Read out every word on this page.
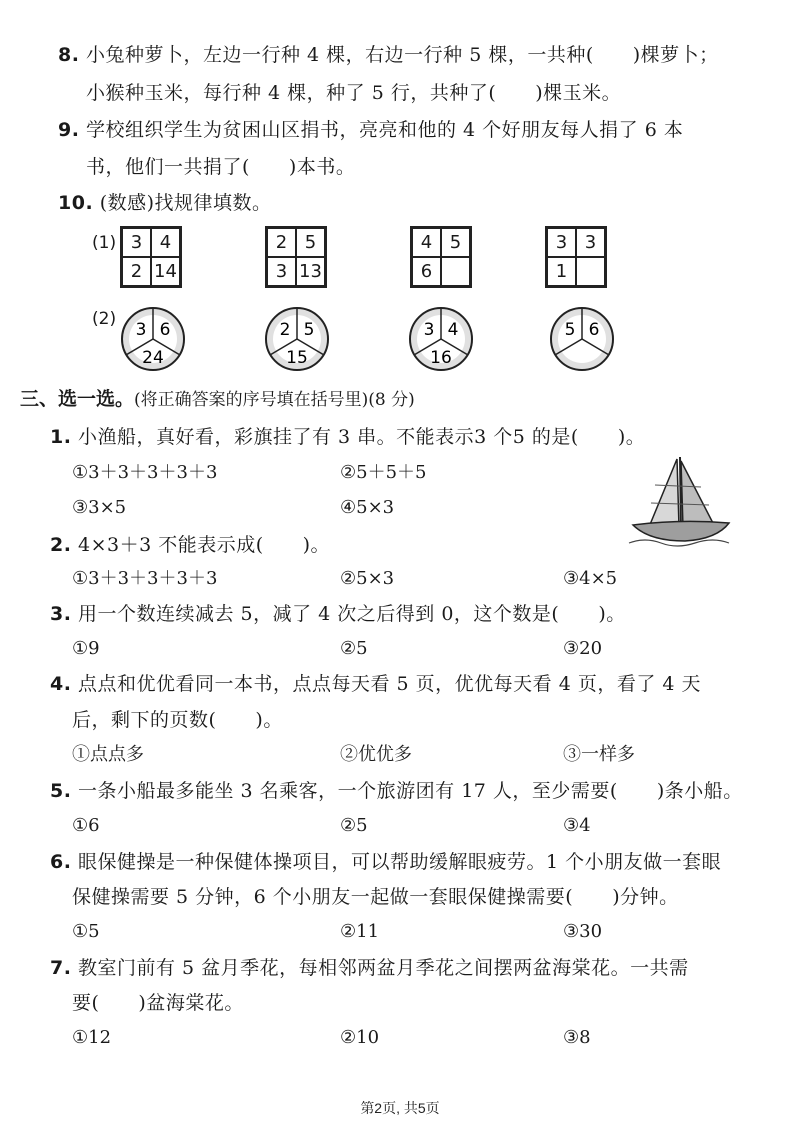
8. 小兔种萝卜，左边一行种 4 棵，右边一行种 5 棵，一共种(　　)棵萝卜；
小猴种玉米，每行种 4 棵，种了 5 行，共种了(　　)棵玉米。
9. 学校组织学生为贫困山区捐书，亮亮和他的 4 个好朋友每人捐了 6 本
书，他们一共捐了(　　)本书。
10. (数感)找规律填数。
(1) 3 4
2 14
2 5
3 13
4 5
6
3 3
1
(2)
3 6
24
2 5
15
3 4
16
5 6
三、选一选。(将正确答案的序号填在括号里)(8 分)
1. 小渔船，真好看，彩旗挂了有 3 串。不能表示3 个5 的是(　　)。
①3＋3＋3＋3＋3	②5＋5＋5
③3×5	④5×3
2. 4×3＋3 不能表示成(　　)。
①3＋3＋3＋3＋3	②5×3	③4×5
3. 用一个数连续减去 5，减了 4 次之后得到 0，这个数是(　　)。
①9	②5	③20
4. 点点和优优看同一本书，点点每天看 5 页，优优每天看 4 页，看了 4 天
后，剩下的页数(　　)。
①点点多	②优优多	③一样多
5. 一条小船最多能坐 3 名乘客，一个旅游团有 17 人，至少需要(　　)条小船。
①6	②5	③4
6. 眼保健操是一种保健体操项目，可以帮助缓解眼疲劳。1 个小朋友做一套眼
保健操需要 5 分钟，6 个小朋友一起做一套眼保健操需要(　　)分钟。
①5	②11	③30
7. 教室门前有 5 盆月季花，每相邻两盆月季花之间摆两盆海棠花。一共需
要(　　)盆海棠花。
①12	②10	③8
第2页, 共5页
